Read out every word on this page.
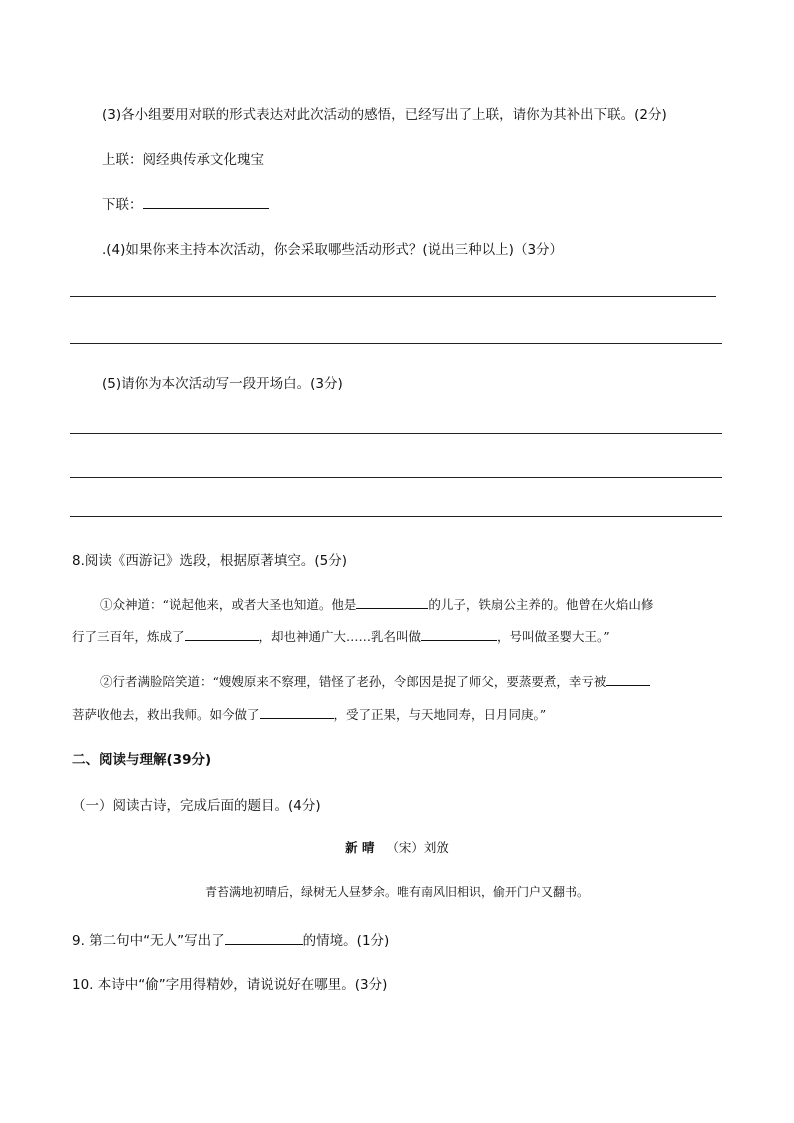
(3)各小组要用对联的形式表达对此次活动的感悟，已经写出了上联，请你为其补出下联。(2分)
上联：阅经典传承文化瑰宝
下联：
.(4)如果你来主持本次活动，你会采取哪些活动形式？(说出三种以上)（3分）
(5)请你为本次活动写一段开场白。(3分)
8.阅读《西游记》选段，根据原著填空。(5分)
①众神道：“说起他来，或者大圣也知道。他是	的儿子，铁扇公主养的。他曾在火焰山修
行了三百年，炼成了	，却也神通广大……乳名叫做	，号叫做圣婴大王。”
②行者满脸陪笑道：“嫂嫂原来不察理，错怪了老孙，令郎因是捉了师父，要蒸要煮，幸亏被
菩萨收他去，救出我师。如今做了	，受了正果，与天地同寿，日月同庚。”
二、阅读与理解(39分)
（一）阅读古诗，完成后面的题目。(4分)
新 晴 （宋）刘攽
青苔满地初晴后，绿树无人昼梦余。唯有南风旧相识，偷开门户又翻书。
9. 第二句中“无人”写出了	的情境。(1分)
10. 本诗中“偷”字用得精妙，请说说好在哪里。(3分)
